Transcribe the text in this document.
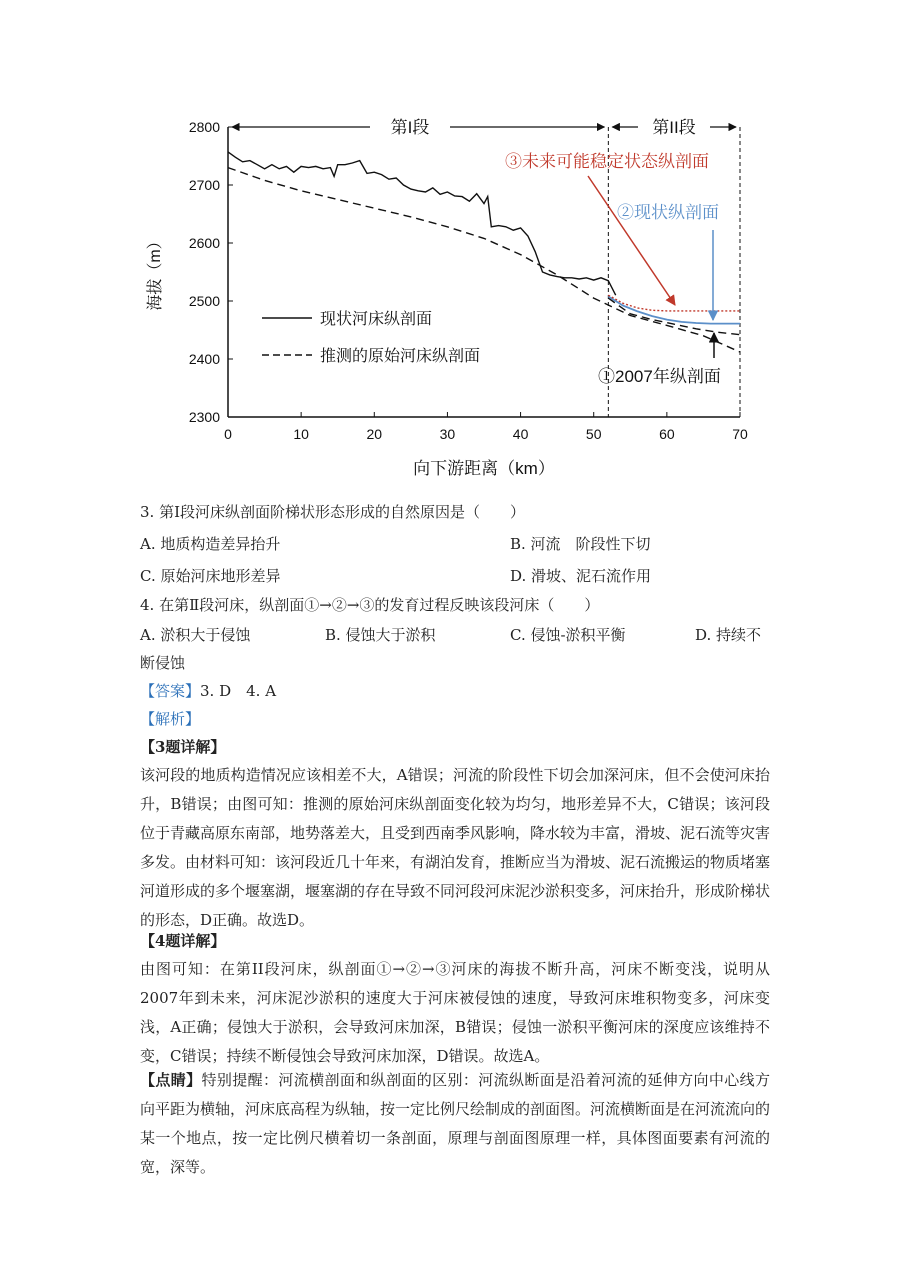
2300
2400
2500
2600
2700
2800
0	10	20	30	40	50	60	70
第I段	第II段
③未来可能稳定状态纵剖面
②现状纵剖面
①2007年纵剖面
现状河床纵剖面
推测的原始河床纵剖面
海拔（m）
向下游距离（km）
3. 第Ⅰ段河床纵剖面阶梯状形态形成的自然原因是（　　）
A. 地质构造差异抬升	B. 河流　阶段性下切
C. 原始河床地形差异	D. 滑坡、泥石流作用
4. 在第Ⅱ段河床，纵剖面①→②→③的发育过程反映该段河床（　　）
A. 淤积大于侵蚀	B. 侵蚀大于淤积	C. 侵蚀-淤积平衡	D. 持续不
断侵蚀
【答案】3. D　4. A
【解析】
【3题详解】
该河段的地质构造情况应该相差不大，A错误；河流的阶段性下切会加深河床，但不会使河床抬升，B错误；由图可知：推测的原始河床纵剖面变化较为均匀，地形差异不大，C错误；该河段位于青藏高原东南部，地势落差大，且受到西南季风影响，降水较为丰富，滑坡、泥石流等灾害多发。由材料可知：该河段近几十年来，有湖泊发育，推断应当为滑坡、泥石流搬运的物质堵塞河道形成的多个堰塞湖，堰塞湖的存在导致不同河段河床泥沙淤积变多，河床抬升，形成阶梯状的形态，D正确。故选D。
【4题详解】
由图可知：在第II段河床，纵剖面①→②→③河床的海拔不断升高，河床不断变浅，说明从2007年到未来，河床泥沙淤积的速度大于河床被侵蚀的速度，导致河床堆积物变多，河床变浅，A正确；侵蚀大于淤积，会导致河床加深，B错误；侵蚀一淤积平衡河床的深度应该维持不变，C错误；持续不断侵蚀会导致河床加深，D错误。故选A。
【点睛】特别提醒：河流横剖面和纵剖面的区别：河流纵断面是沿着河流的延伸方向中心线方向平距为横轴，河床底高程为纵轴，按一定比例尺绘制成的剖面图。河流横断面是在河流流向的某一个地点，按一定比例尺横着切一条剖面，原理与剖面图原理一样，具体图面要素有河流的宽，深等。
